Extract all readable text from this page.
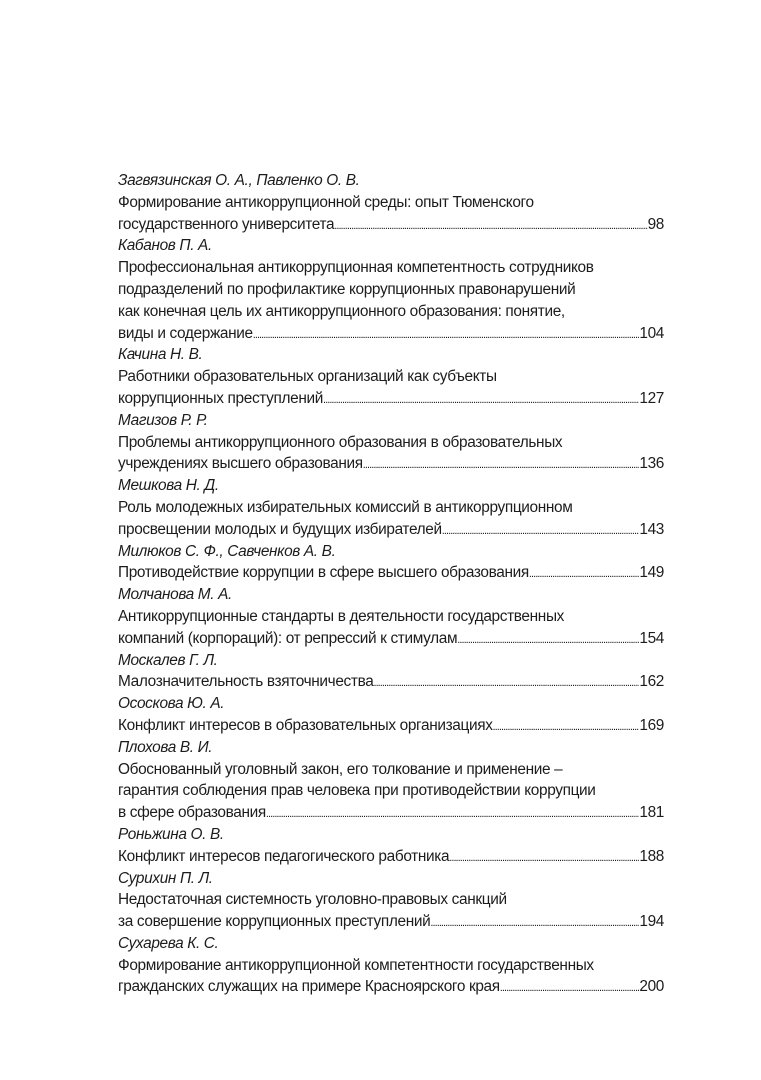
Загвязинская О. А., Павленко О. В.
Формирование антикоррупционной среды: опыт Тюменского
государственного университета . . .	98
Кабанов П. А.
Профессиональная антикоррупционная компетентность сотрудников
подразделений по профилактике коррупционных правонарушений
как конечная цель их антикоррупционного образования: понятие,
виды и содержание . . .	104
Качина Н. В.
Работники образовательных организаций как субъекты
коррупционных преступлений . . .	127
Магизов Р. Р.
Проблемы антикоррупционного образования в образовательных
учреждениях высшего образования . . .	136
Мешкова Н. Д.
Роль молодежных избирательных комиссий в антикоррупционном
просвещении молодых и будущих избирателей . . .	143
Милюков С. Ф., Савченков А. В.
Противодействие коррупции в сфере высшего образования . . .	149
Молчанова М. А.
Антикоррупционные стандарты в деятельности государственных
компаний (корпораций): от репрессий к стимулам . . .	154
Москалев Г. Л.
Малозначительность взяточничества . . .	162
Ососкова Ю. А.
Конфликт интересов в образовательных организациях . . .	169
Плохова В. И.
Обоснованный уголовный закон, его толкование и применение –
гарантия соблюдения прав человека при противодействии коррупции
в сфере образования . . .	181
Роньжина О. В.
Конфликт интересов педагогического работника . . .	188
Сурихин П. Л.
Недостаточная системность уголовно-правовых санкций
за совершение коррупционных преступлений . . .	194
Сухарева К. С.
Формирование антикоррупционной компетентности государственных
гражданских служащих на примере Красноярского края . . .	200
